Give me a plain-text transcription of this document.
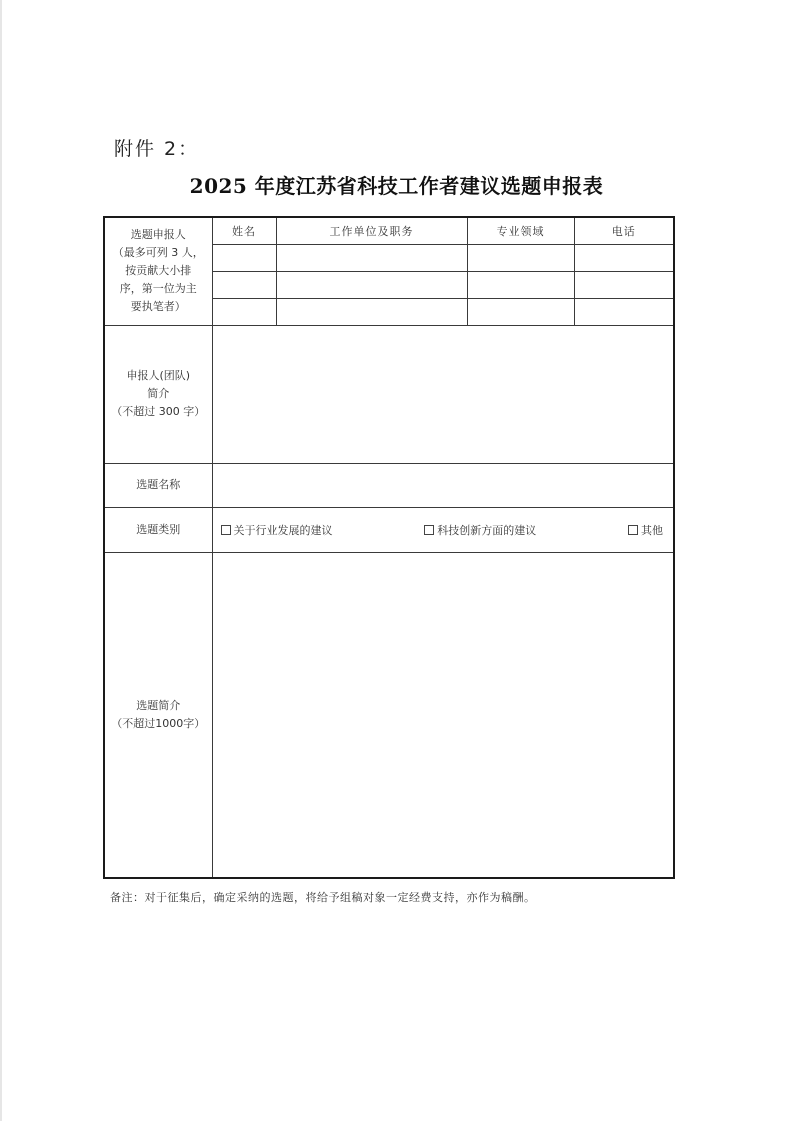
附件 2：
2025 年度江苏省科技工作者建议选题申报表
选题申报人
（最多可列 3 人，
按贡献大小排
序，第一位为主
要执笔者）	姓名	工作单位及职务	专业领域	电话

申报人(团队)
简介
（不超过 300 字）				

选题名称				
选题类别	关于行业发展的建议 科技创新方面的建议 其他			

选题简介
（不超过1000字）				

备注：对于征集后，确定采纳的选题，将给予组稿对象一定经费支持，亦作为稿酬。
